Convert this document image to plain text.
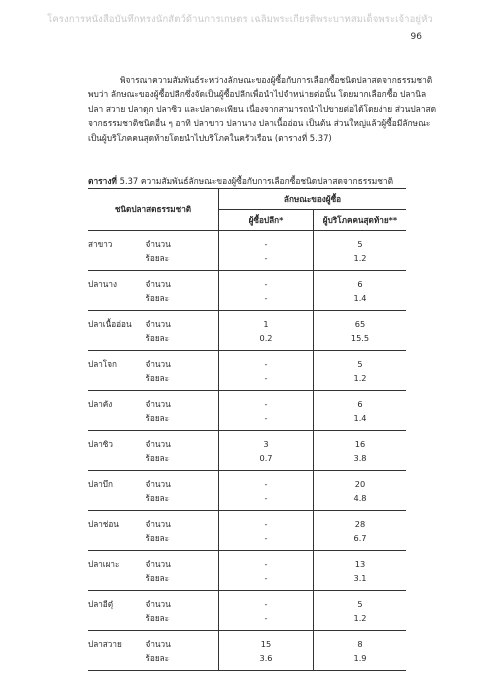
โครงการหนังสือบันทึกทรงนักสัตว์ด้านการเกษตร เฉลิมพระเกียรติพระบาทสมเด็จพระเจ้าอยู่หัว
96
พิจารณาความสัมพันธ์ระหว่างลักษณะของผู้ซื้อกับการเลือกซื้อชนิดปลาสดจากธรรมชาติ
พบว่า ลักษณะของผู้ซื้อปลีกซึ่งจัดเป็นผู้ซื้อปลีกเพื่อนำไปจำหน่ายต่อนั้น โดยมากเลือกซื้อ ปลานิล
ปลา สวาย ปลาดุก ปลาซิว และปลาตะเพียน เนื่องจากสามารถนำไปขายต่อได้โดยง่าย ส่วนปลาสด
จากธรรมชาติชนิดอื่น ๆ อาทิ ปลาขาว ปลานาง ปลาเนื้ออ่อน เป็นต้น ส่วนใหญ่แล้วผู้ซื้อมีลักษณะ
เป็นผู้บริโภคคนสุดท้ายโดยนำไปบริโภคในครัวเรือน (ตารางที่ 5.37)
ตารางที่ 5.37 ความสัมพันธ์ลักษณะของผู้ซื้อกับการเลือกซื้อชนิดปลาสดจากธรรมชาติ
ชนิดปลาสดธรรมชาติ		ลักษณะของผู้ซื้อ	
		ผู้ซื้อปลีก*	ผู้บริโภคคนสุดท้าย**
สาขาว	จำนวน	-	5
	ร้อยละ	-	1.2
ปลานาง	จำนวน	-	6
	ร้อยละ	-	1.4
ปลาเนื้ออ่อน	จำนวน	1	65
	ร้อยละ	0.2	15.5
ปลาโจก	จำนวน	-	5
	ร้อยละ	-	1.2
ปลาคัง	จำนวน	-	6
	ร้อยละ	-	1.4
ปลาซิว	จำนวน	3	16
	ร้อยละ	0.7	3.8
ปลาบึก	จำนวน	-	20
	ร้อยละ	-	4.8
ปลาช่อน	จำนวน	-	28
	ร้อยละ	-	6.7
ปลาเผาะ	จำนวน	-	13
	ร้อยละ	-	3.1
ปลาอีตุ๋	จำนวน	-	5
	ร้อยละ	-	1.2
ปลาสวาย	จำนวน	15	8
	ร้อยละ	3.6	1.9
